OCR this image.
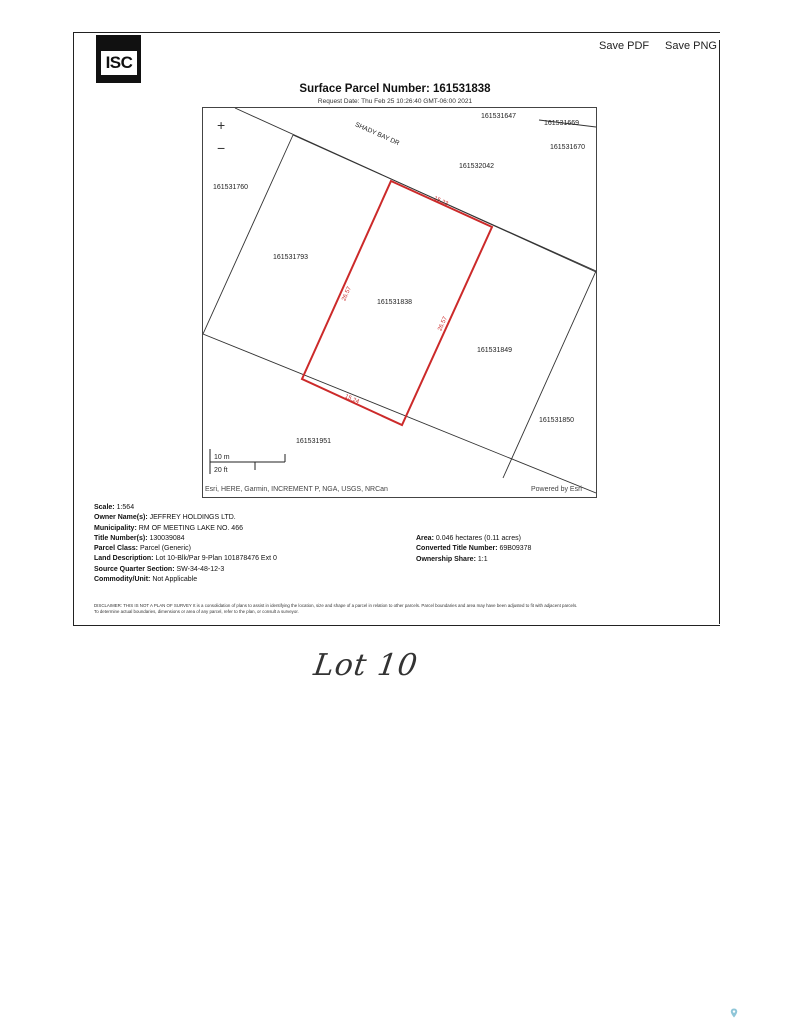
ISC
Save PDF Save PNG
Surface Parcel Number: 161531838
Request Date: Thu Feb 25 10:26:40 GMT-06:00 2021
SHADY BAY DR
161531647
161531669
161531670
161532042
161531760
161531793
161531838
161531849
161531850
161531951
15.23
26.57
26.57
15.24
10 m
20 ft
+
−
Esri, HERE, Garmin, INCREMENT P, NGA, USGS, NRCan	Powered by Esri
Scale: 1:564
Owner Name(s): JEFFREY HOLDINGS LTD.
Municipality: RM OF MEETING LAKE NO. 466
Title Number(s): 130039084
Parcel Class: Parcel (Generic)
Land Description: Lot 10-Blk/Par 9-Plan 101878476 Ext 0
Source Quarter Section: SW-34-48-12-3
Commodity/Unit: Not Applicable
Area: 0.046 hectares (0.11 acres)
Converted Title Number: 69B09378
Ownership Share: 1:1
DISCLAIMER: THIS IS NOT A PLAN OF SURVEY It is a consolidation of plans to assist in identifying the location, size and shape of a parcel in relation to other parcels. Parcel boundaries and area may have been adjusted to fit with adjacent parcels.
To determine actual boundaries, dimensions or area of any parcel, refer to the plan, or consult a surveyor.
Lot 10
